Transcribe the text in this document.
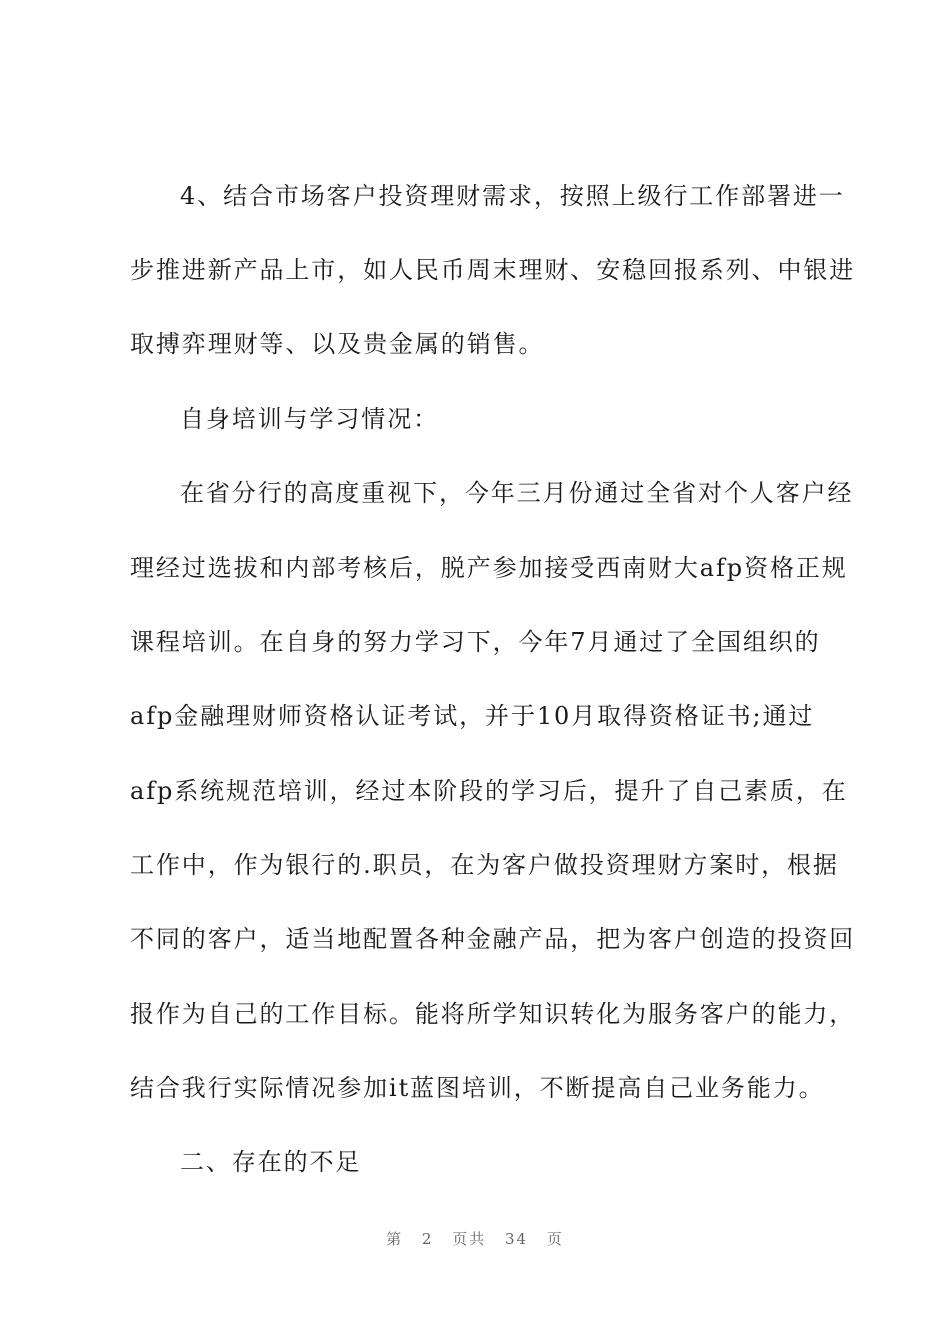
4、结合市场客户投资理财需求，按照上级行工作部署进一
步推进新产品上市，如人民币周末理财、安稳回报系列、中银进
取搏弈理财等、以及贵金属的销售。
自身培训与学习情况：
在省分行的高度重视下，今年三月份通过全省对个人客户经
理经过选拔和内部考核后，脱产参加接受西南财大afp资格正规
课程培训。在自身的努力学习下，今年7月通过了全国组织的
afp金融理财师资格认证考试，并于10月取得资格证书;通过
afp系统规范培训，经过本阶段的学习后，提升了自己素质，在
工作中，作为银行的.职员，在为客户做投资理财方案时，根据
不同的客户，适当地配置各种金融产品，把为客户创造的投资回
报作为自己的工作目标。能将所学知识转化为服务客户的能力，
结合我行实际情况参加it蓝图培训，不断提高自己业务能力。
二、存在的不足
第 2 页共 34 页
